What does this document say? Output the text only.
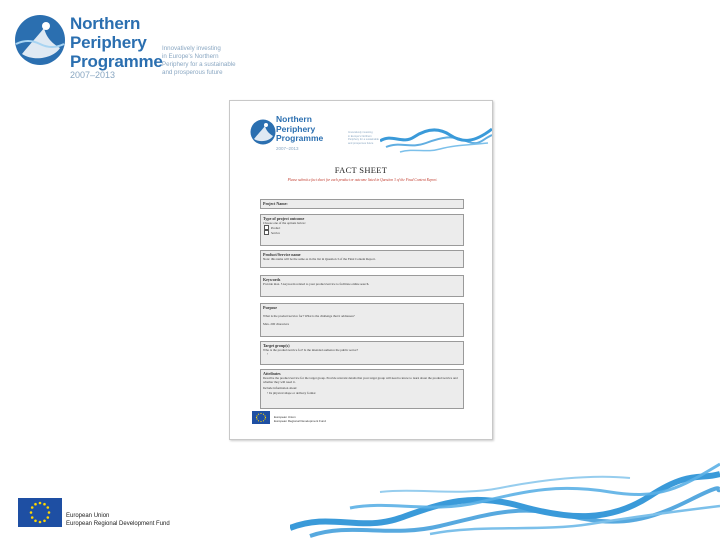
Northern
Periphery
Programme
2007–2013
Innovatively investing
in Europe's Northern
Periphery for a sustainable
and prosperous future
Northern
Periphery
Programme
2007–2013
Innovatively investing
in Europe's Northern
Periphery for a sustainable
and prosperous future
FACT SHEET
Please submit a fact sheet for each product or outcome listed in Question 3 of the Final Content Report.
Project Name:
Type of project outcome
Choose one of the options below:
Product
Service
Product/Service name
Note: this name will be the same as in the list in Question 3 of the Final Content Report.
Keywords
Provide max. 5 keywords related to your product/service to facilitate online search.
Purpose
What is the product/service for? What is the challenge that it addresses?
Max. 200 characters
Target group(s)
Who is the product/service for? Is the intended audience the public sector?
•
Attributes
Describe the product/service for the target group. Provide relevant details that your target group will need to know to learn about the product/service and whether they will need it.
Include information about:
• Its physical shape or delivery format
European Union
European Regional Development Fund
European Union
European Regional Development Fund
